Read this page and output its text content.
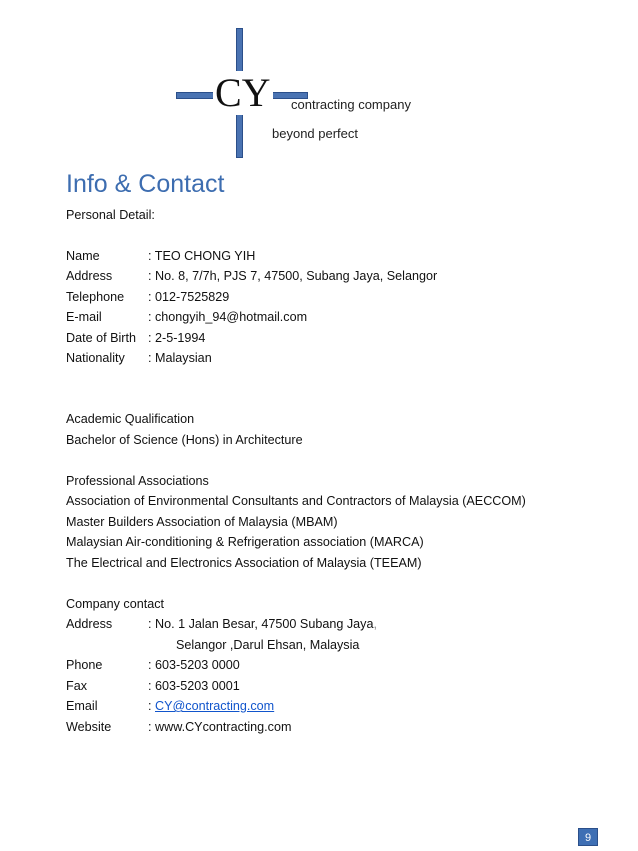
CY contracting company
beyond perfect
Info & Contact
Personal Detail:
Name	: TEO CHONG YIH
Address	: No. 8, 7/7h, PJS 7, 47500, Subang Jaya, Selangor
Telephone : 012-7525829
E-mail	: chongyih_94@hotmail.com
Date of Birth : 2-5-1994
Nationality : Malaysian
Academic Qualification
Bachelor of Science (Hons) in Architecture
Professional Associations
Association of Environmental Consultants and Contractors of Malaysia (AECCOM)
Master Builders Association of Malaysia (MBAM)
Malaysian Air-conditioning & Refrigeration association (MARCA)
The Electrical and Electronics Association of Malaysia (TEEAM)
Company contact
Address	: No. 1 Jalan Besar, 47500 Subang Jaya,
Selangor ,Darul Ehsan, Malaysia
Phone	: 603-5203 0000
Fax	: 603-5203 0001
Email	: CY@contracting.com
Website	: www.CYcontracting.com
9
